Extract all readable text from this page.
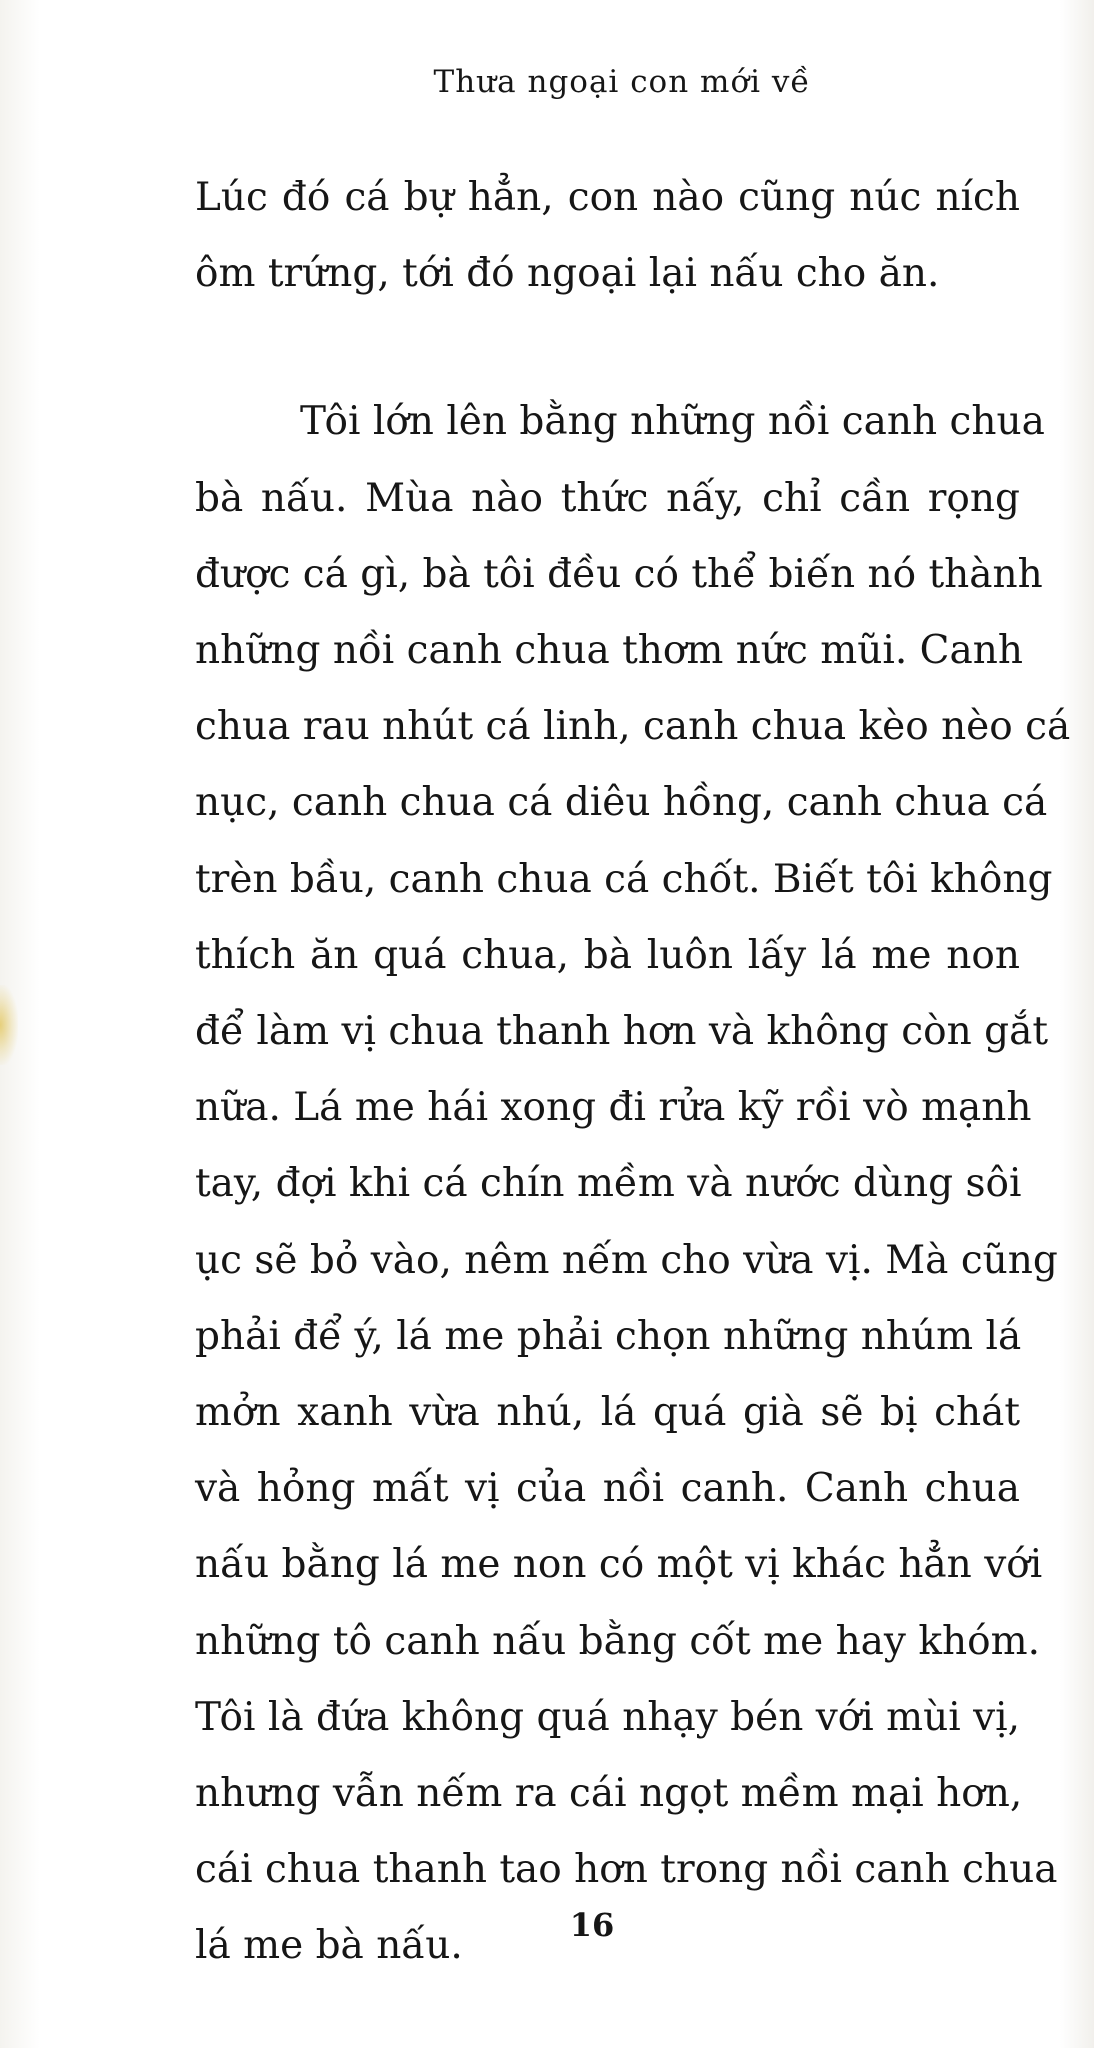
Thưa ngoại con mới về
Lúc đó cá bự hẳn, con nào cũng núc ních
ôm trứng, tới đó ngoại lại nấu cho ăn.
Tôi lớn lên bằng những nồi canh chua
bà nấu. Mùa nào thức nấy, chỉ cần rọng
được cá gì, bà tôi đều có thể biến nó thành
những nồi canh chua thơm nức mũi. Canh
chua rau nhút cá linh, canh chua kèo nèo cá
nục, canh chua cá diêu hồng, canh chua cá
trèn bầu, canh chua cá chốt. Biết tôi không
thích ăn quá chua, bà luôn lấy lá me non
để làm vị chua thanh hơn và không còn gắt
nữa. Lá me hái xong đi rửa kỹ rồi vò mạnh
tay, đợi khi cá chín mềm và nước dùng sôi
ục sẽ bỏ vào, nêm nếm cho vừa vị. Mà cũng
phải để ý, lá me phải chọn những nhúm lá
mởn xanh vừa nhú, lá quá già sẽ bị chát
và hỏng mất vị của nồi canh. Canh chua
nấu bằng lá me non có một vị khác hẳn với
những tô canh nấu bằng cốt me hay khóm.
Tôi là đứa không quá nhạy bén với mùi vị,
nhưng vẫn nếm ra cái ngọt mềm mại hơn,
cái chua thanh tao hơn trong nồi canh chua
lá me bà nấu.	16
